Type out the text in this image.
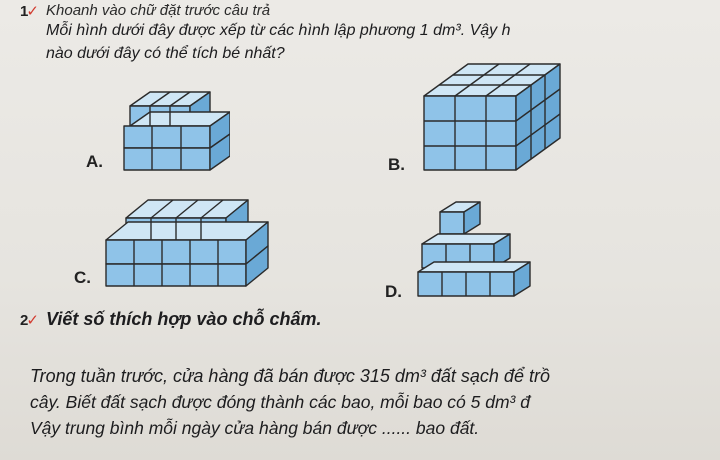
1
✓ Khoanh vào chữ đặt trước câu trả
Mỗi hình dưới đây được xếp từ các hình lập phương 1 dm³. Vậy h
nào dưới đây có thể tích bé nhất?
A.	B.
C.
D.
2
✓ Viết số thích hợp vào chỗ chấm.
Trong tuần trước, cửa hàng đã bán được 315 dm³ đất sạch để trồ
cây. Biết đất sạch được đóng thành các bao, mỗi bao có 5 dm³ đ
Vậy trung bình mỗi ngày cửa hàng bán được ...... bao đất.
